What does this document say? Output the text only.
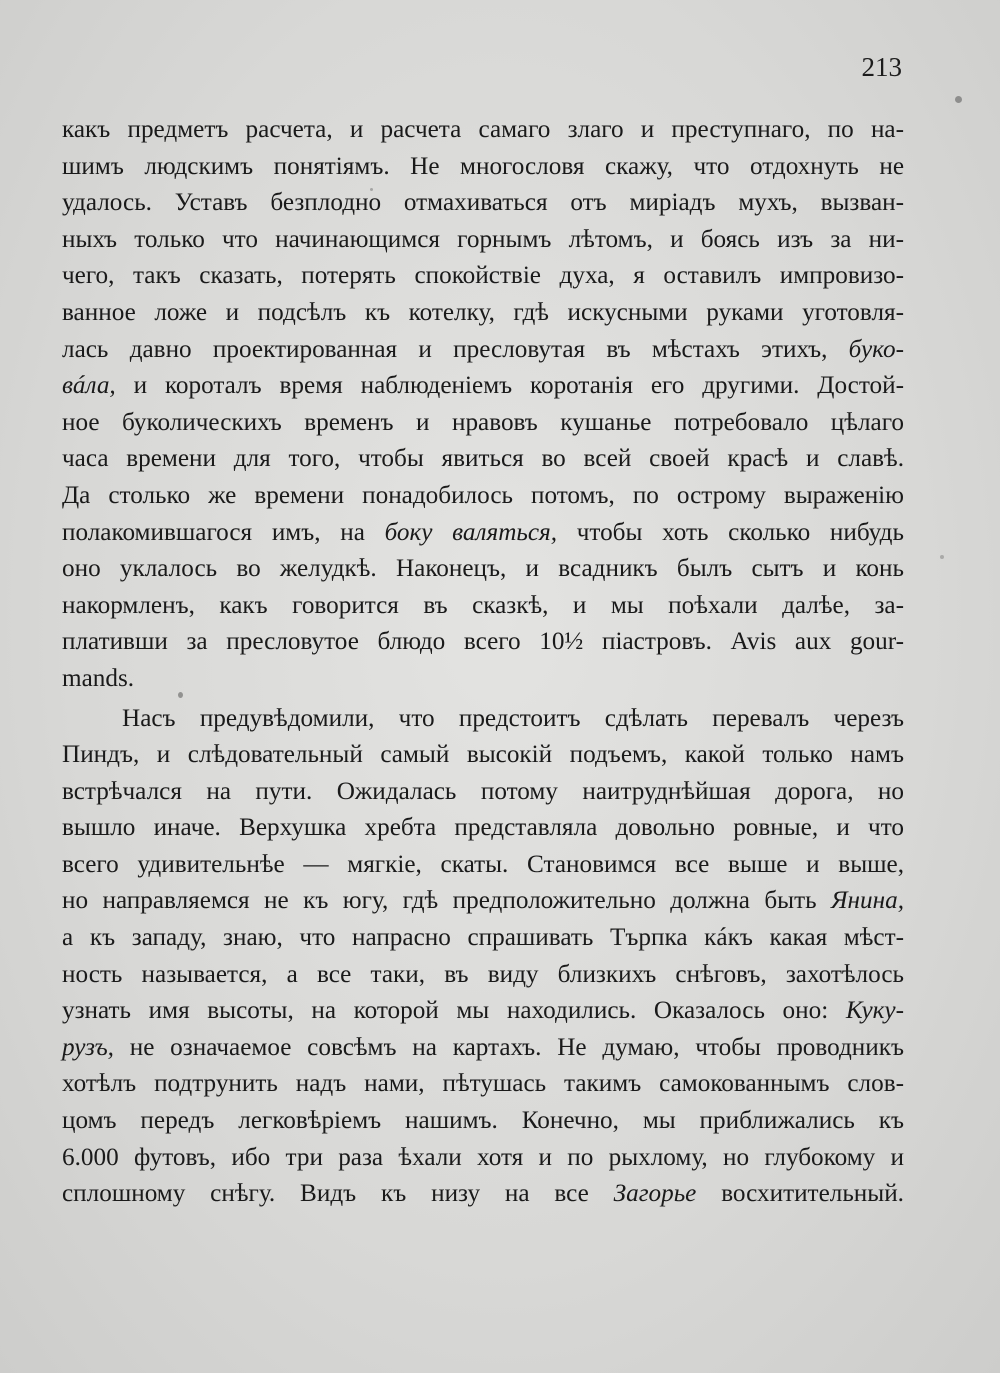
213
какъ предметъ расчета, и расчета самаго злаго и преступнаго, по на-
шимъ людскимъ понятіямъ. Не многословя скажу, что отдохнуть не
удалось. Уставъ безплодно отмахиваться отъ миріадъ мухъ, вызван-
ныхъ только что начинающимся горнымъ лѣтомъ, и боясь изъ за ни-
чего, такъ сказать, потерять спокойствіе духа, я оставилъ импровизо-
ванное ложе и подсѣлъ къ котелку, гдѣ искусными руками уготовля-
лась давно проектированная и пресловутая въ мѣстахъ этихъ, буко-
вáла, и короталъ время наблюденіемъ коротанія его другими. Достой-
ное буколическихъ временъ и нравовъ кушанье потребовало цѣлаго
часа времени для того, чтобы явиться во всей своей красѣ и славѣ.
Да столько же времени понадобилось потомъ, по острому выраженію
полакомившагося имъ, на боку валяться, чтобы хоть сколько нибудь
оно уклалось во желудкѣ. Наконецъ, и всадникъ былъ сытъ и конь
накормленъ, какъ говорится въ сказкѣ, и мы поѣхали далѣе, за-
плативши за пресловутое блюдо всего 10½ піастровъ. Avis aux gour-
mands.
Насъ предувѣдомили, что предстоитъ сдѣлать перевалъ черезъ
Пиндъ, и слѣдовательный самый высокій подъемъ, какой только намъ
встрѣчался на пути. Ожидалась потому наитруднѣйшая дорога, но
вышло иначе. Верхушка хребта представляла довольно ровные, и что
всего удивительнѣе — мягкіе, скаты. Становимся все выше и выше,
но направляемся не къ югу, гдѣ предположительно должна быть Янина,
а къ западу, знаю, что напрасно спрашивать Търпка кáкъ какая мѣст-
ность называется, а все таки, въ виду близкихъ снѣговъ, захотѣлось
узнать имя высоты, на которой мы находились. Оказалось оно: Куку-
рузъ, не означаемое совсѣмъ на картахъ. Не думаю, чтобы проводникъ
хотѣлъ подтрунить надъ нами, пѣтушась такимъ самокованнымъ слов-
цомъ передъ легковѣріемъ нашимъ. Конечно, мы приближались къ
6.000 футовъ, ибо три раза ѣхали хотя и по рыхлому, но глубокому и
сплошному снѣгу. Видъ къ низу на все Загорье восхитительный.
